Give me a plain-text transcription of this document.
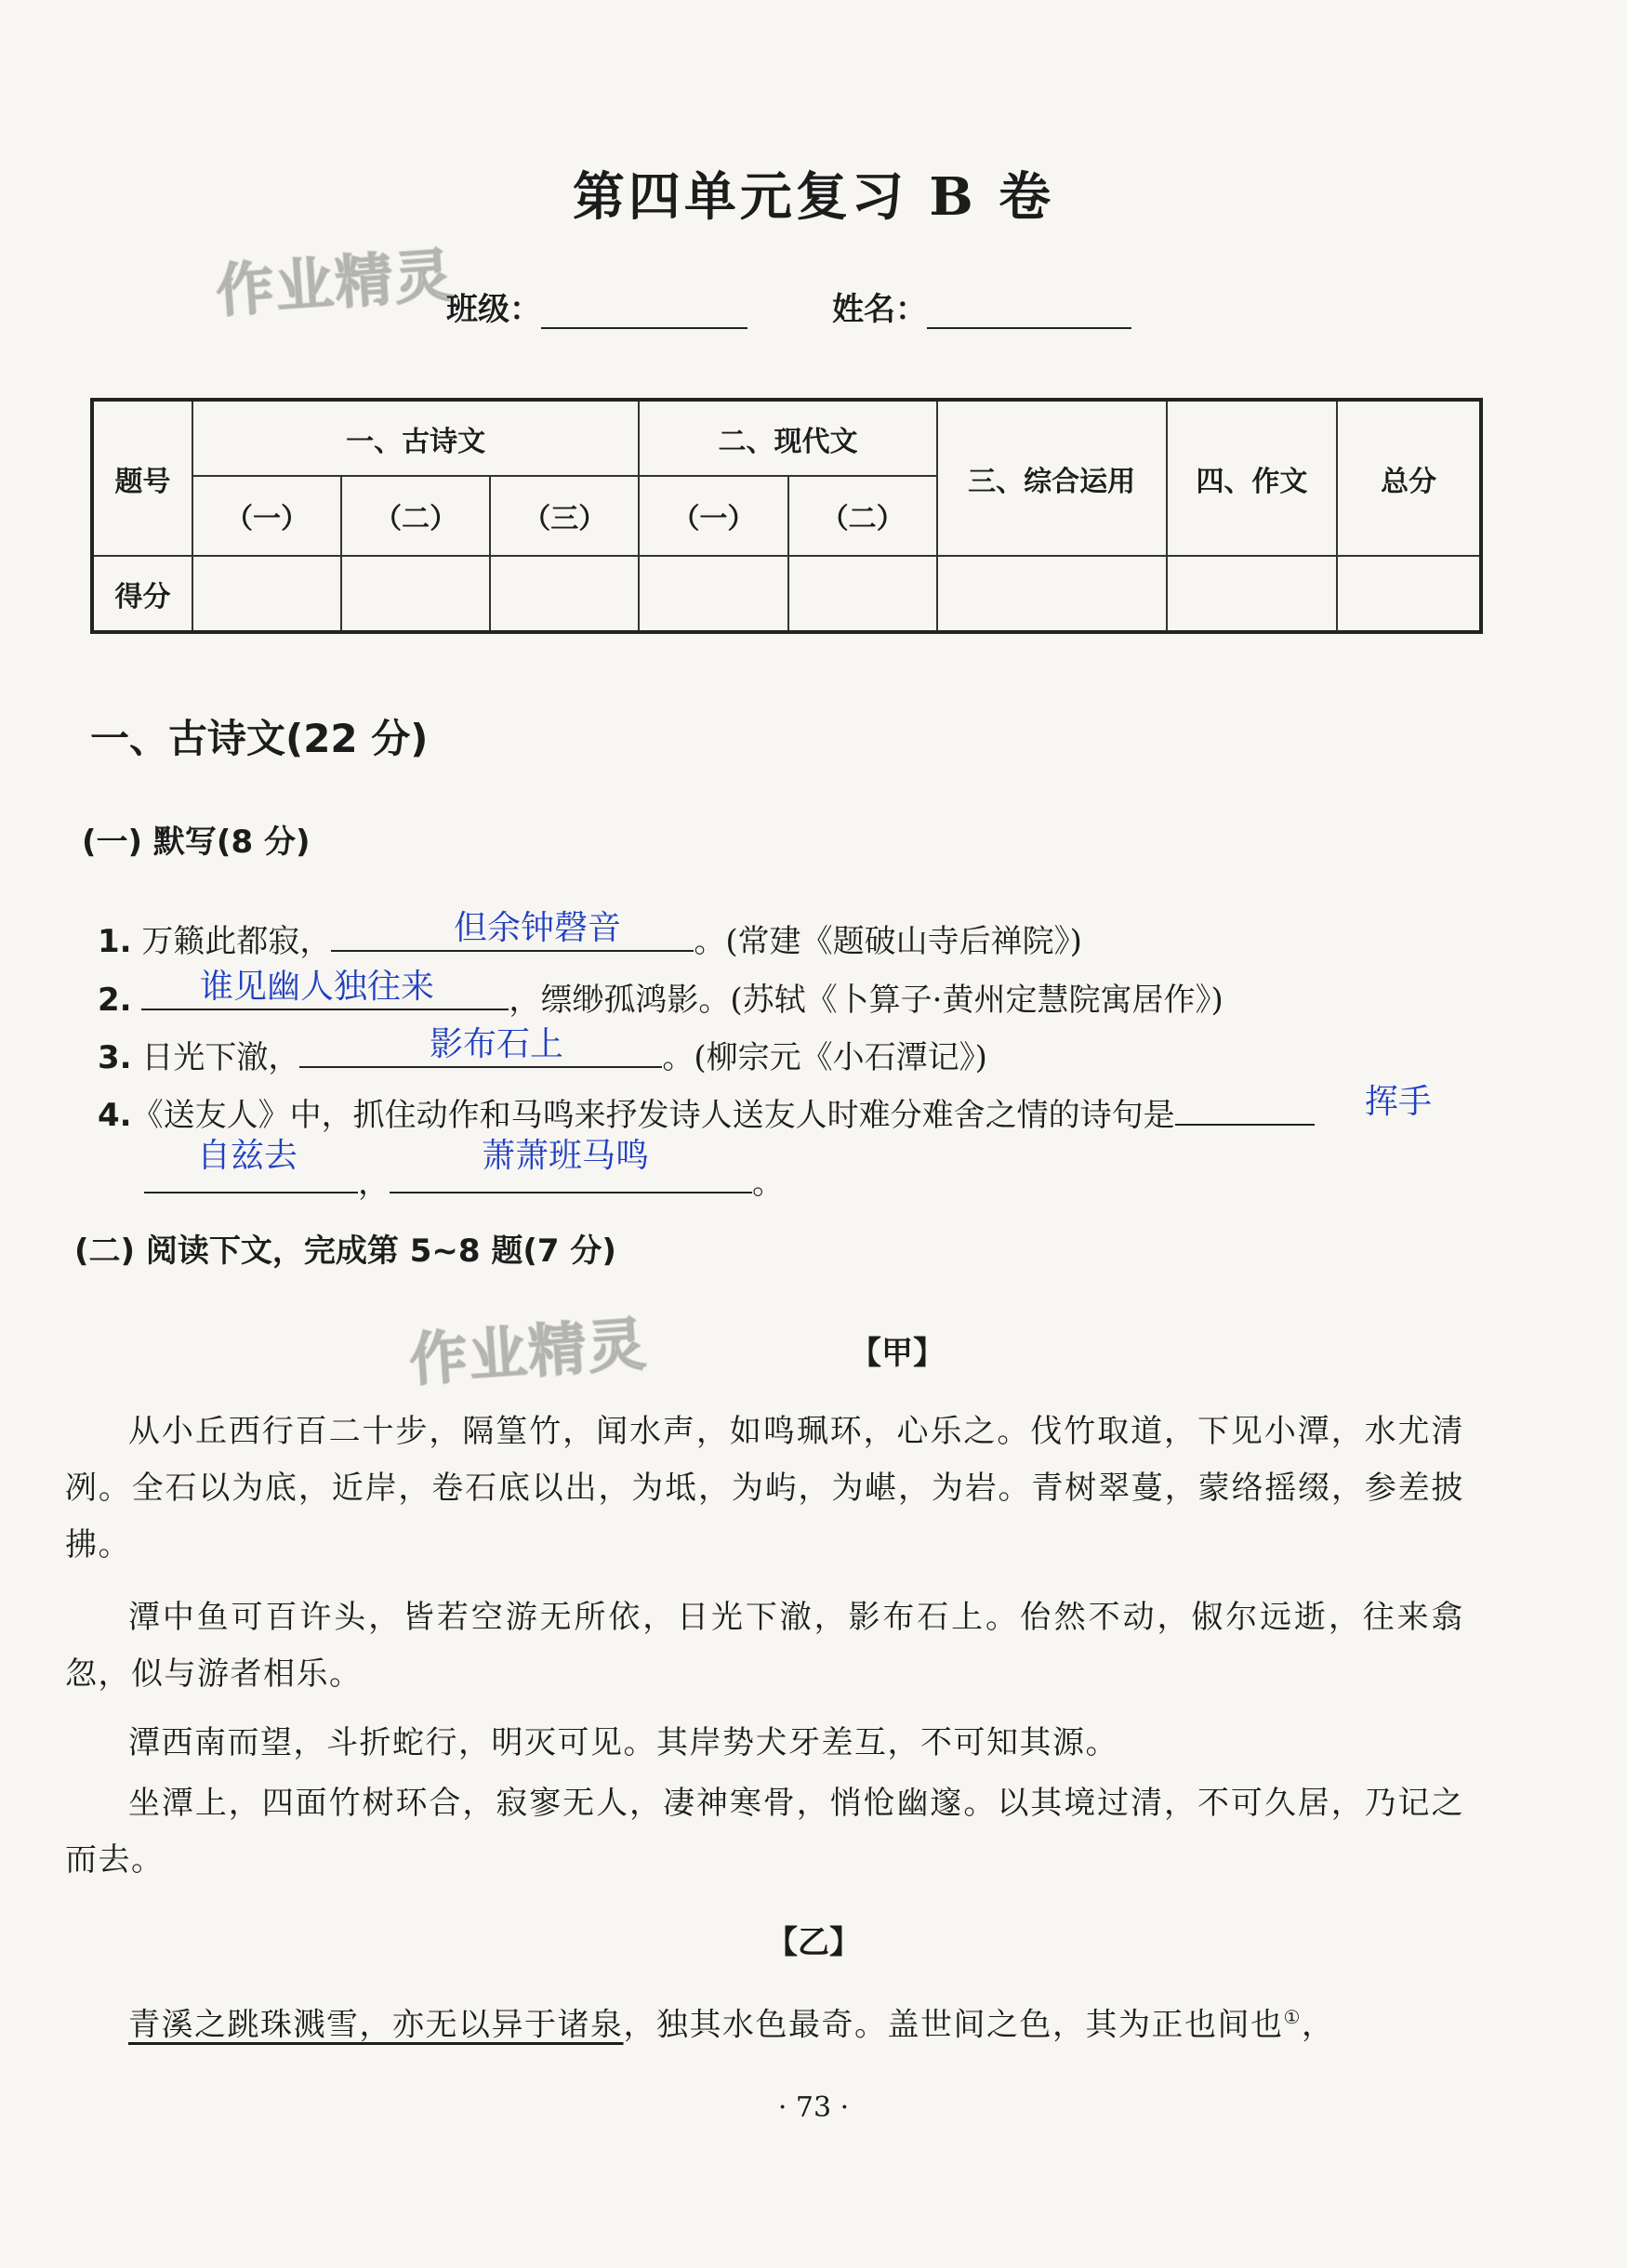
作业精灵
作业精灵
第四单元复习 B 卷
班级：	姓名：
题号	一、古诗文			二、现代文		三、综合运用	四、作文	总分
	（一）	（二）	（三）	（一）	（二）			
得分								
一、古诗文(22 分)
(一) 默写(8 分)
1. 万籁此都寂，	。(常建《题破山寺后禅院》)
但余钟磬音
2.	，缥缈孤鸿影。(苏轼《卜算子·黄州定慧院寓居作》)
谁见幽人独往来
3. 日光下澈，	。(柳宗元《小石潭记》)
影布石上
4.《送友人》中，抓住动作和马鸣来抒发诗人送友人时难分难舍之情的诗句是	挥手
，	。
自兹去	萧萧班马鸣
(二) 阅读下文，完成第 5~8 题(7 分)
【甲】
从小丘西行百二十步，隔篁竹，闻水声，如鸣珮环，心乐之。伐竹取道，下见小潭，水尤清冽。全石以为底，近岸，卷石底以出，为坻，为屿，为嵁，为岩。青树翠蔓，蒙络摇缀，参差披拂。
潭中鱼可百许头，皆若空游无所依，日光下澈，影布石上。佁然不动，俶尔远逝，往来翕忽，似与游者相乐。
潭西南而望，斗折蛇行，明灭可见。其岸势犬牙差互，不可知其源。
坐潭上，四面竹树环合，寂寥无人，凄神寒骨，悄怆幽邃。以其境过清，不可久居，乃记之而去。
【乙】
青溪之跳珠溅雪，亦无以异于诸泉，独其水色最奇。盖世间之色，其为正也间也①，
· 73 ·
